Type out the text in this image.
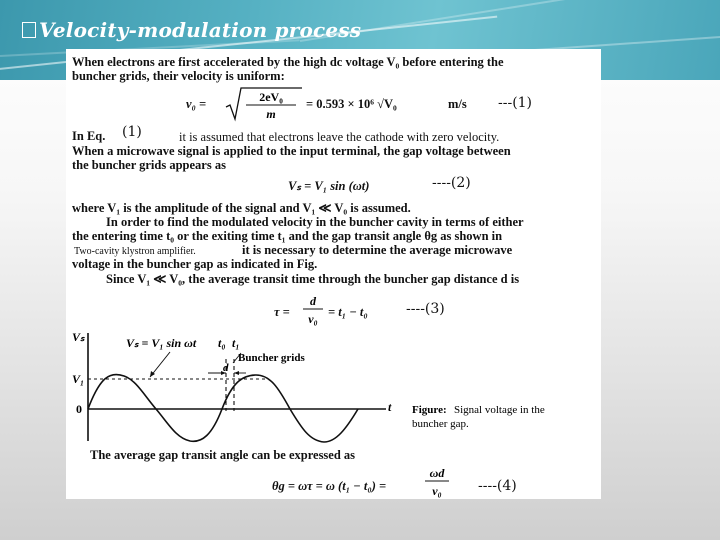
Velocity-modulation process
When electrons are first accelerated by the high dc voltage V₀ before entering the
buncher grids, their velocity is uniform:
v₀ =	2eV₀
m
= 0.593 × 10⁶ √V₀	m/s ---(1)
In Eq. (1)	it is assumed that electrons leave the cathode with zero velocity.
When a microwave signal is applied to the input terminal, the gap voltage between
the buncher grids appears as
Vₛ = V₁ sin (ωt)	----(2)
where V₁ is the amplitude of the signal and V₁ ≪ V₀ is assumed.
In order to find the modulated velocity in the buncher cavity in terms of either
the entering time t₀ or the exiting time t₁ and the gap transit angle θg as shown in
Two-cavity klystron amplifier.	it is necessary to determine the average microwave
voltage in the buncher gap as indicated in Fig.
Since V₁ ≪ V₀, the average transit time through the buncher gap distance d is
τ =
d
v₀ = t₁ − t₀	----(3)
Vₛ
V₁
0	t
Vₛ = V₁ sin ωt t₀ t₁
Buncher grids
d
Figure: Signal voltage in the
buncher gap.
The average gap transit angle can be expressed as
θg = ωτ = ω (t₁ − t₀) =
ωd
v₀	----(4)
